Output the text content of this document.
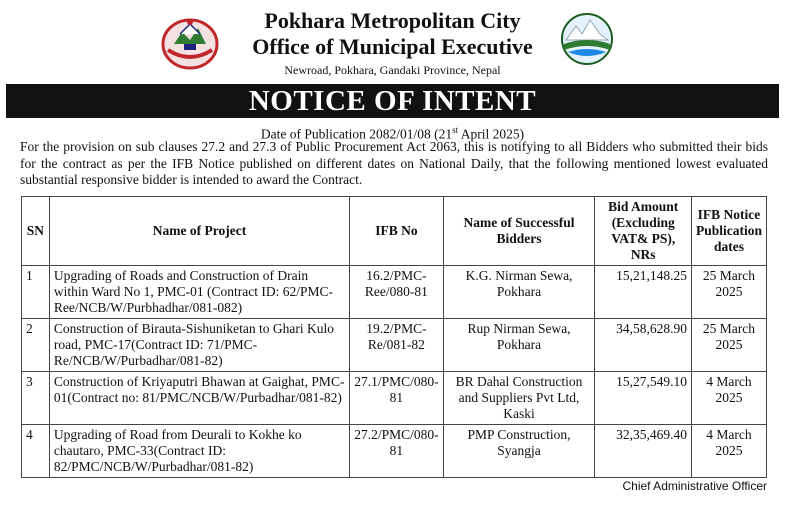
Pokhara Metropolitan City
Office of Municipal Executive
Newroad, Pokhara, Gandaki Province, Nepal
NOTICE OF INTENT
Date of Publication 2082/01/08 (21st April 2025)
For the provision on sub clauses 27.2 and 27.3 of Public Procurement Act 2063, this is notifying to all Bidders who submitted their bids for the contract as per the IFB Notice published on different dates on National Daily, that the following mentioned lowest evaluated substantial responsive bidder is intended to award the Contract.
SN	Name of Project	IFB No	Name of Successful Bidders	Bid Amount (Excluding VAT& PS), NRs	IFB Notice Publication dates
1	Upgrading of Roads and Construction of Drain within Ward No 1, PMC-01 (Contract ID: 62/PMC-Ree/NCB/W/Purbhadhar/081-082)	16.2/PMC-Ree/080-81	K.G. Nirman Sewa, Pokhara	15,21,148.25	25 March 2025
2	Construction of Birauta-Sishuniketan to Ghari Kulo road, PMC-17(Contract ID: 71/PMC-Re/NCB/W/Purbadhar/081-82)	19.2/PMC-Re/081-82	Rup Nirman Sewa, Pokhara	34,58,628.90	25 March 2025
3	Construction of Kriyaputri Bhawan at Gaighat, PMC-01(Contract no: 81/PMC/NCB/W/Purbadhar/081-82)	27.1/PMC/080-81	BR Dahal Construction and Suppliers Pvt Ltd, Kaski	15,27,549.10	4 March 2025
4	Upgrading of Road from Deurali to Kokhe ko chautaro, PMC-33(Contract ID: 82/PMC/NCB/W/Purbadhar/081-82)	27.2/PMC/080-81	PMP Construction, Syangja	32,35,469.40	4 March 2025
Chief Administrative Officer
